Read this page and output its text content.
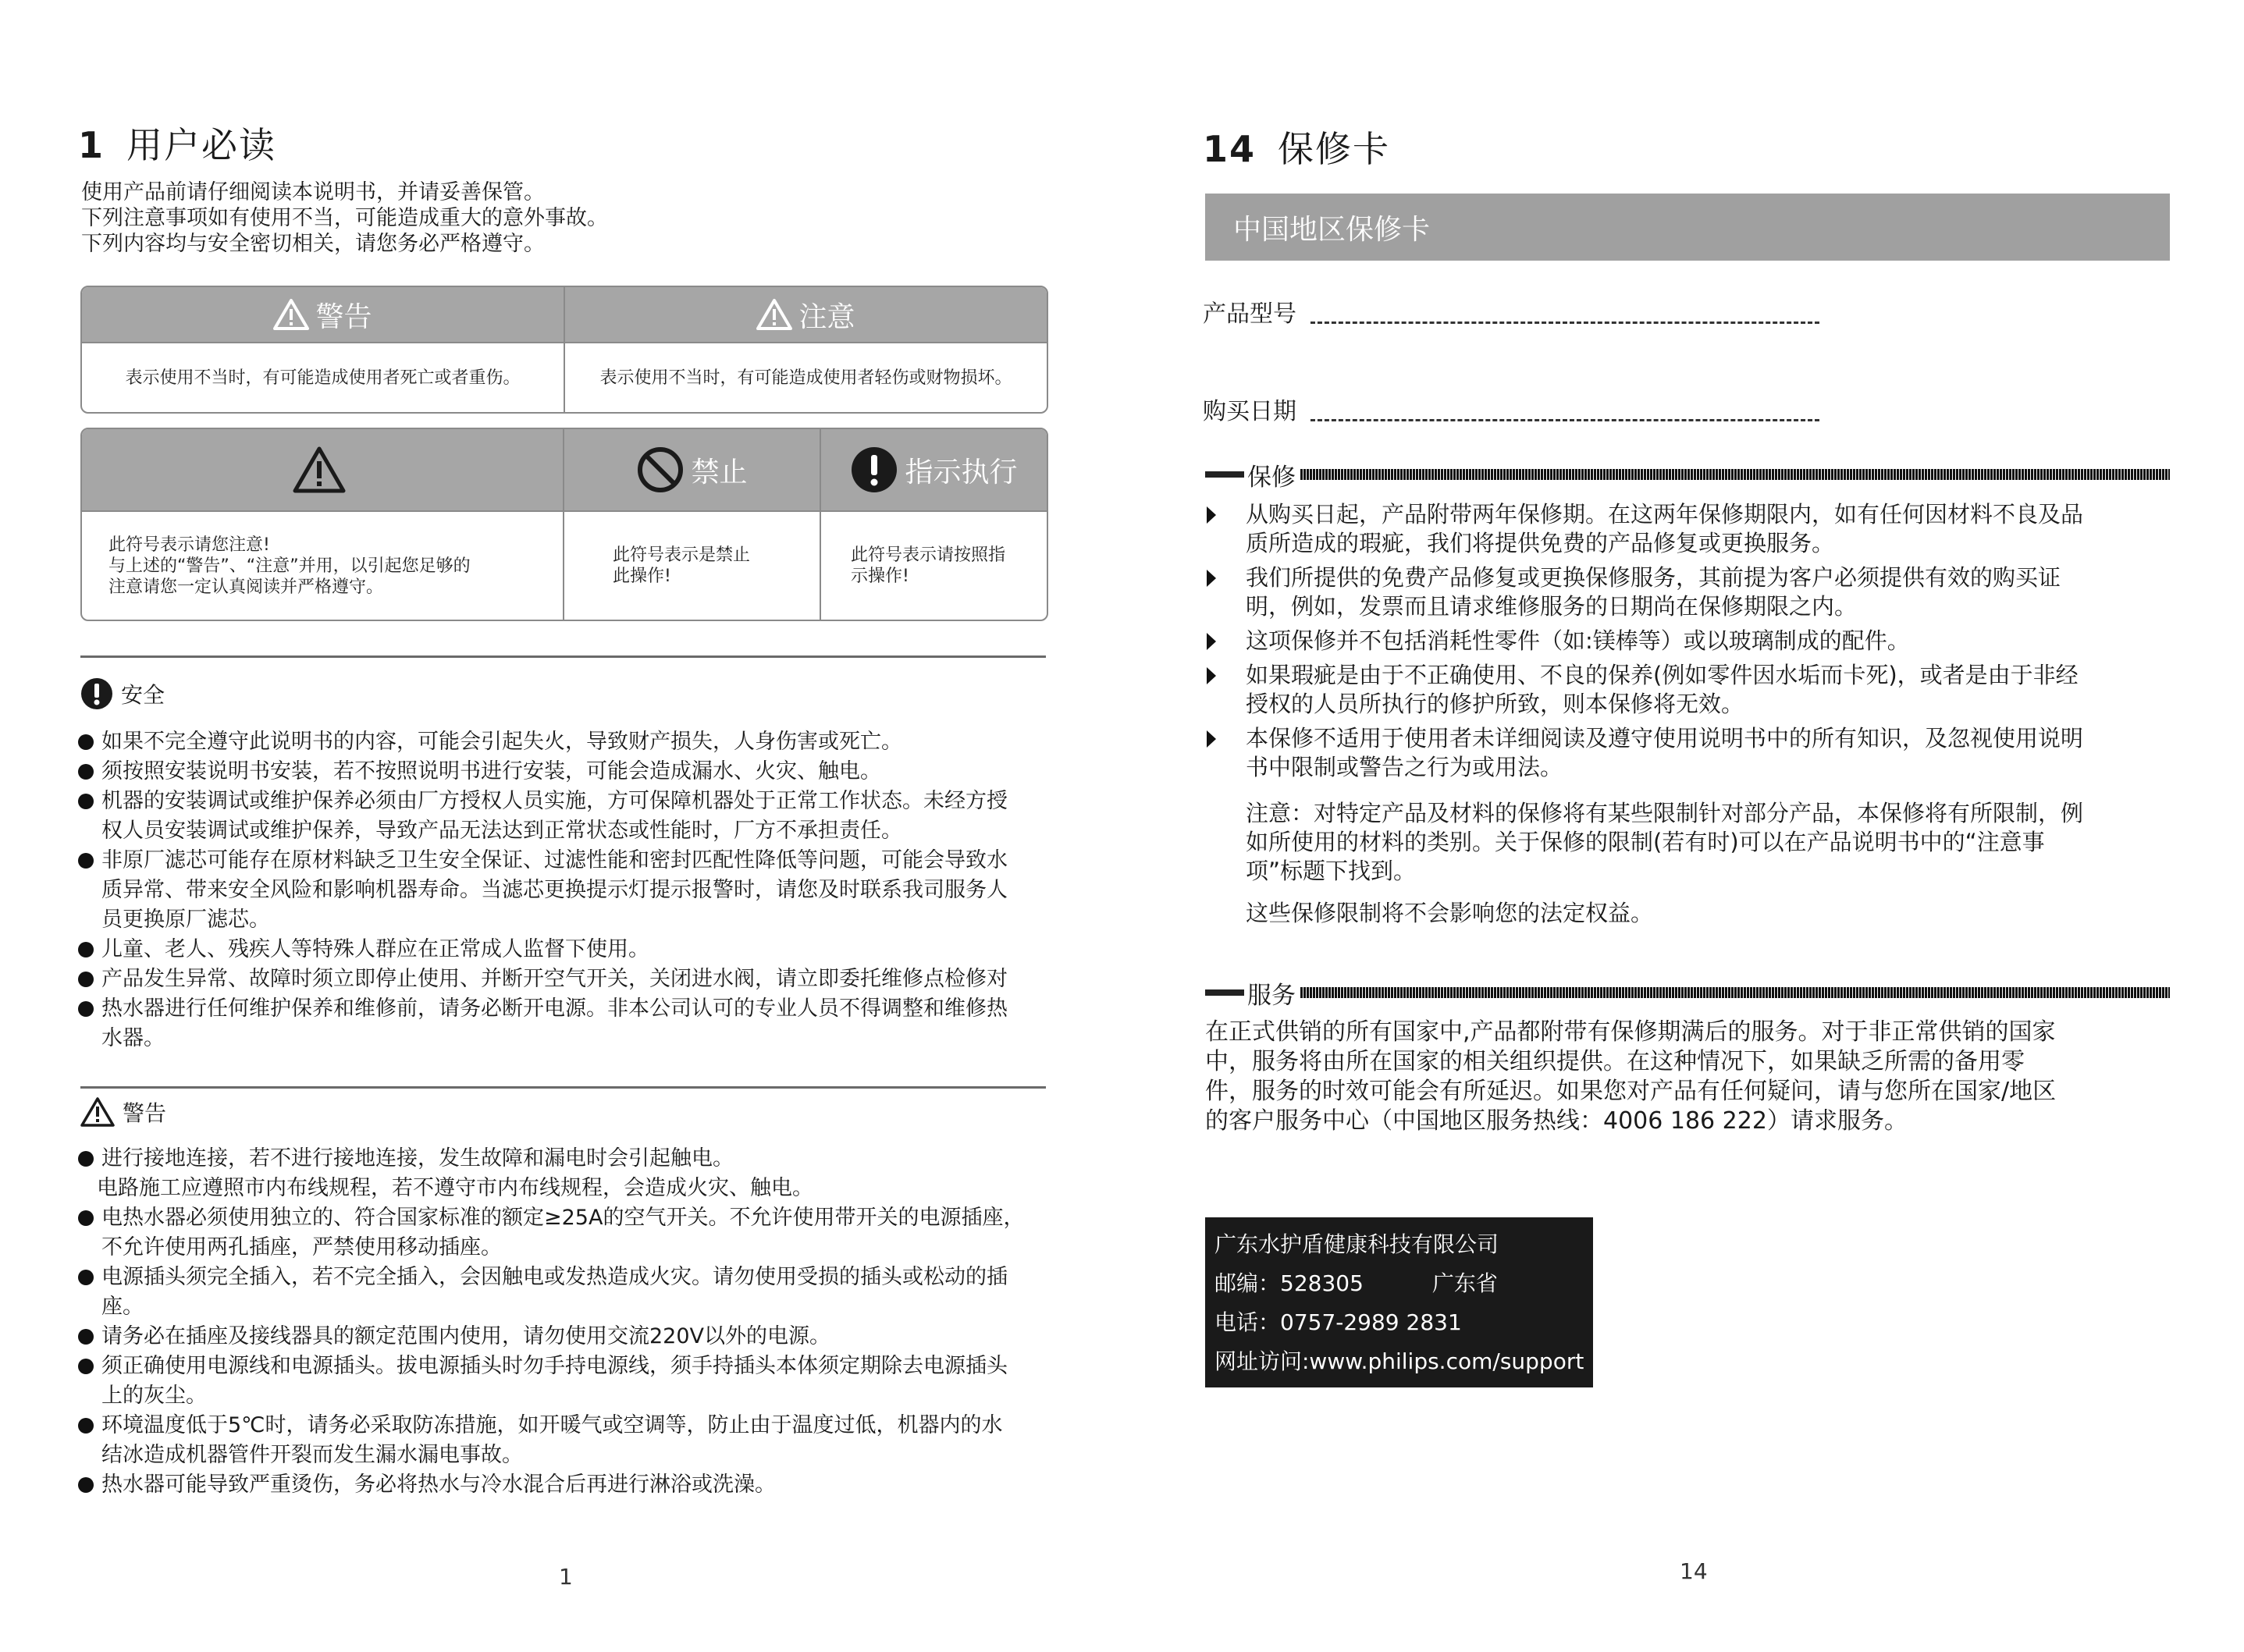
1 用户必读
使用产品前请仔细阅读本说明书，并请妥善保管。
下列注意事项如有使用不当，可能造成重大的意外事故。
下列内容均与安全密切相关，请您务必严格遵守。
警告
表示使用不当时，有可能造成使用者死亡或者重伤。
注意
表示使用不当时，有可能造成使用者轻伤或财物损坏。
此符号表示请您注意!
与上述的“警告”、“注意”并用，以引起您足够的
注意请您一定认真阅读并严格遵守。
禁止
此符号表示是禁止
此操作!
指示执行
此符号表示请按照指
示操作!
安全
如果不完全遵守此说明书的内容，可能会引起失火，导致财产损失，人身伤害或死亡。
须按照安装说明书安装，若不按照说明书进行安装，可能会造成漏水、火灾、触电。
机器的安装调试或维护保养必须由厂方授权人员实施，方可保障机器处于正常工作状态。未经方授
权人员安装调试或维护保养，导致产品无法达到正常状态或性能时，厂方不承担责任。
非原厂滤芯可能存在原材料缺乏卫生安全保证、过滤性能和密封匹配性降低等问题，可能会导致水
质异常、带来安全风险和影响机器寿命。当滤芯更换提示灯提示报警时，请您及时联系我司服务人
员更换原厂滤芯。
儿童、老人、残疾人等特殊人群应在正常成人监督下使用。
产品发生异常、故障时须立即停止使用、并断开空气开关，关闭进水阀，请立即委托维修点检修对
热水器进行任何维护保养和维修前，请务必断开电源。非本公司认可的专业人员不得调整和维修热
水器。
警告
进行接地连接，若不进行接地连接，发生故障和漏电时会引起触电。
电路施工应遵照市内布线规程，若不遵守市内布线规程，会造成火灾、触电。
电热水器必须使用独立的、符合国家标准的额定≥25A的空气开关。不允许使用带开关的电源插座，
不允许使用两孔插座，严禁使用移动插座。
电源插头须完全插入，若不完全插入，会因触电或发热造成火灾。请勿使用受损的插头或松动的插
座。
请务必在插座及接线器具的额定范围内使用，请勿使用交流220V以外的电源。
须正确使用电源线和电源插头。拔电源插头时勿手持电源线，须手持插头本体须定期除去电源插头
上的灰尘。
环境温度低于5℃时，请务必采取防冻措施，如开暖气或空调等，防止由于温度过低，机器内的水
结冰造成机器管件开裂而发生漏水漏电事故。
热水器可能导致严重烫伤，务必将热水与冷水混合后再进行淋浴或洗澡。
1
14 保修卡
中国地区保修卡
产品型号
购买日期
保修
从购买日起，产品附带两年保修期。在这两年保修期限内，如有任何因材料不良及品
质所造成的瑕疵，我们将提供免费的产品修复或更换服务。
我们所提供的免费产品修复或更换保修服务，其前提为客户必须提供有效的购买证
明，例如，发票而且请求维修服务的日期尚在保修期限之内。
这项保修并不包括消耗性零件（如:镁棒等）或以玻璃制成的配件。
如果瑕疵是由于不正确使用、不良的保养(例如零件因水垢而卡死)，或者是由于非经
授权的人员所执行的修护所致，则本保修将无效。
本保修不适用于使用者未详细阅读及遵守使用说明书中的所有知识，及忽视使用说明
书中限制或警告之行为或用法。
注意：对特定产品及材料的保修将有某些限制针对部分产品，本保修将有所限制，例
如所使用的材料的类别。关于保修的限制(若有时)可以在产品说明书中的“注意事
项”标题下找到。
这些保修限制将不会影响您的法定权益。
服务
在正式供销的所有国家中,产品都附带有保修期满后的服务。对于非正常供销的国家
中，服务将由所在国家的相关组织提供。在这种情况下，如果缺乏所需的备用零
件，服务的时效可能会有所延迟。如果您对产品有任何疑问，请与您所在国家/地区
的客户服务中心（中国地区服务热线：4006 186 222）请求服务。
广东水护盾健康科技有限公司
邮编：528305	广东省
电话：0757-2989 2831
网址访问:www.philips.com/support
14
